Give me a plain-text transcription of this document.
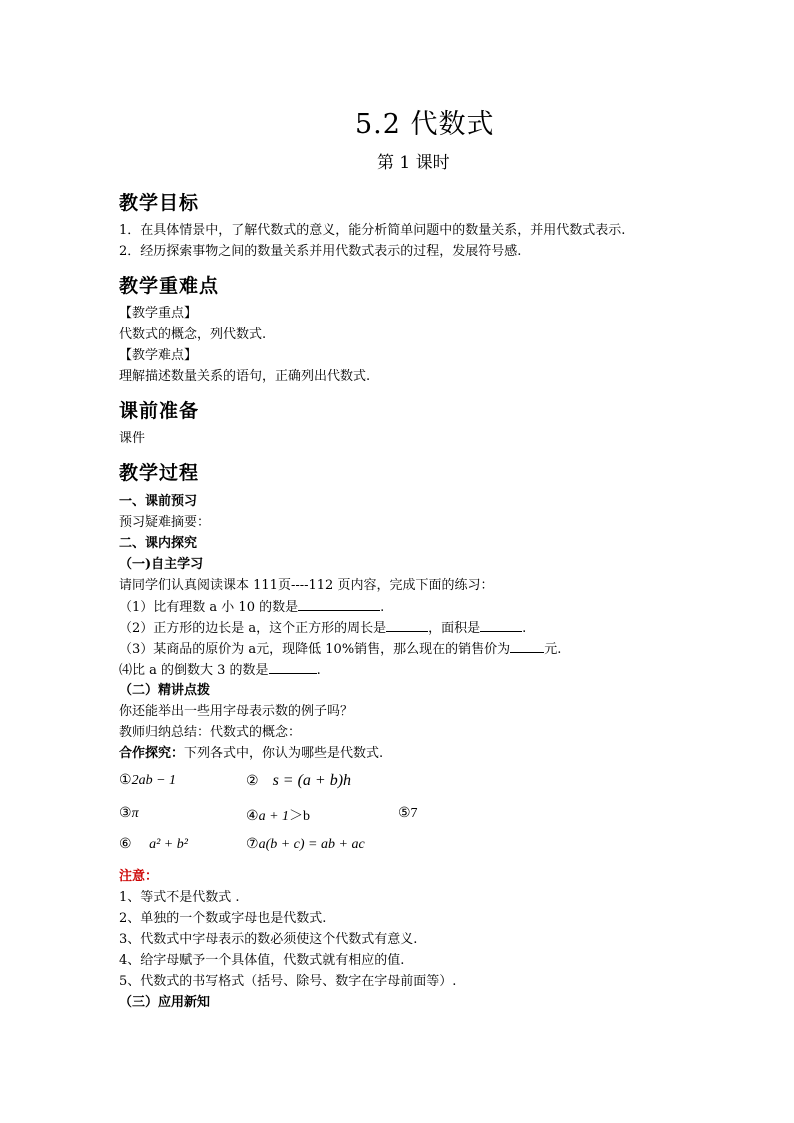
5.2 代数式
第 1 课时
教学目标
1．在具体情景中，了解代数式的意义，能分析简单问题中的数量关系，并用代数式表示.
2．经历探索事物之间的数量关系并用代数式表示的过程，发展符号感.
教学重难点
【教学重点】
代数式的概念，列代数式.
【教学难点】
理解描述数量关系的语句，正确列出代数式.
课前准备
课件
教学过程
一、课前预习
预习疑难摘要：
二、课内探究
（一)自主学习
请同学们认真阅读课本 111页----112 页内容，完成下面的练习：
（1）比有理数 a 小 10 的数是	.
（2）正方形的边长是 a，这个正方形的周长是	，面积是	.
（3）某商品的原价为 a元，现降低 10%销售，那么现在的销售价为	元.
⑷比 a 的倒数大 3 的数是	.
（二）精讲点拨
你还能举出一些用字母表示数的例子吗？
教师归纳总结：代数式的概念：
合作探究：下列各式中，你认为哪些是代数式.
①2ab − 1	② s = (a + b)h
③π	④a + 1＞b	⑤7
⑥ a² + b²	⑦a(b + c) = ab + ac
注意：
1、等式不是代数式 .
2、单独的一个数或字母也是代数式.
3、代数式中字母表示的数必须使这个代数式有意义.
4、给字母赋予一个具体值，代数式就有相应的值.
5、代数式的书写格式（括号、除号、数字在字母前面等）.
（三）应用新知
